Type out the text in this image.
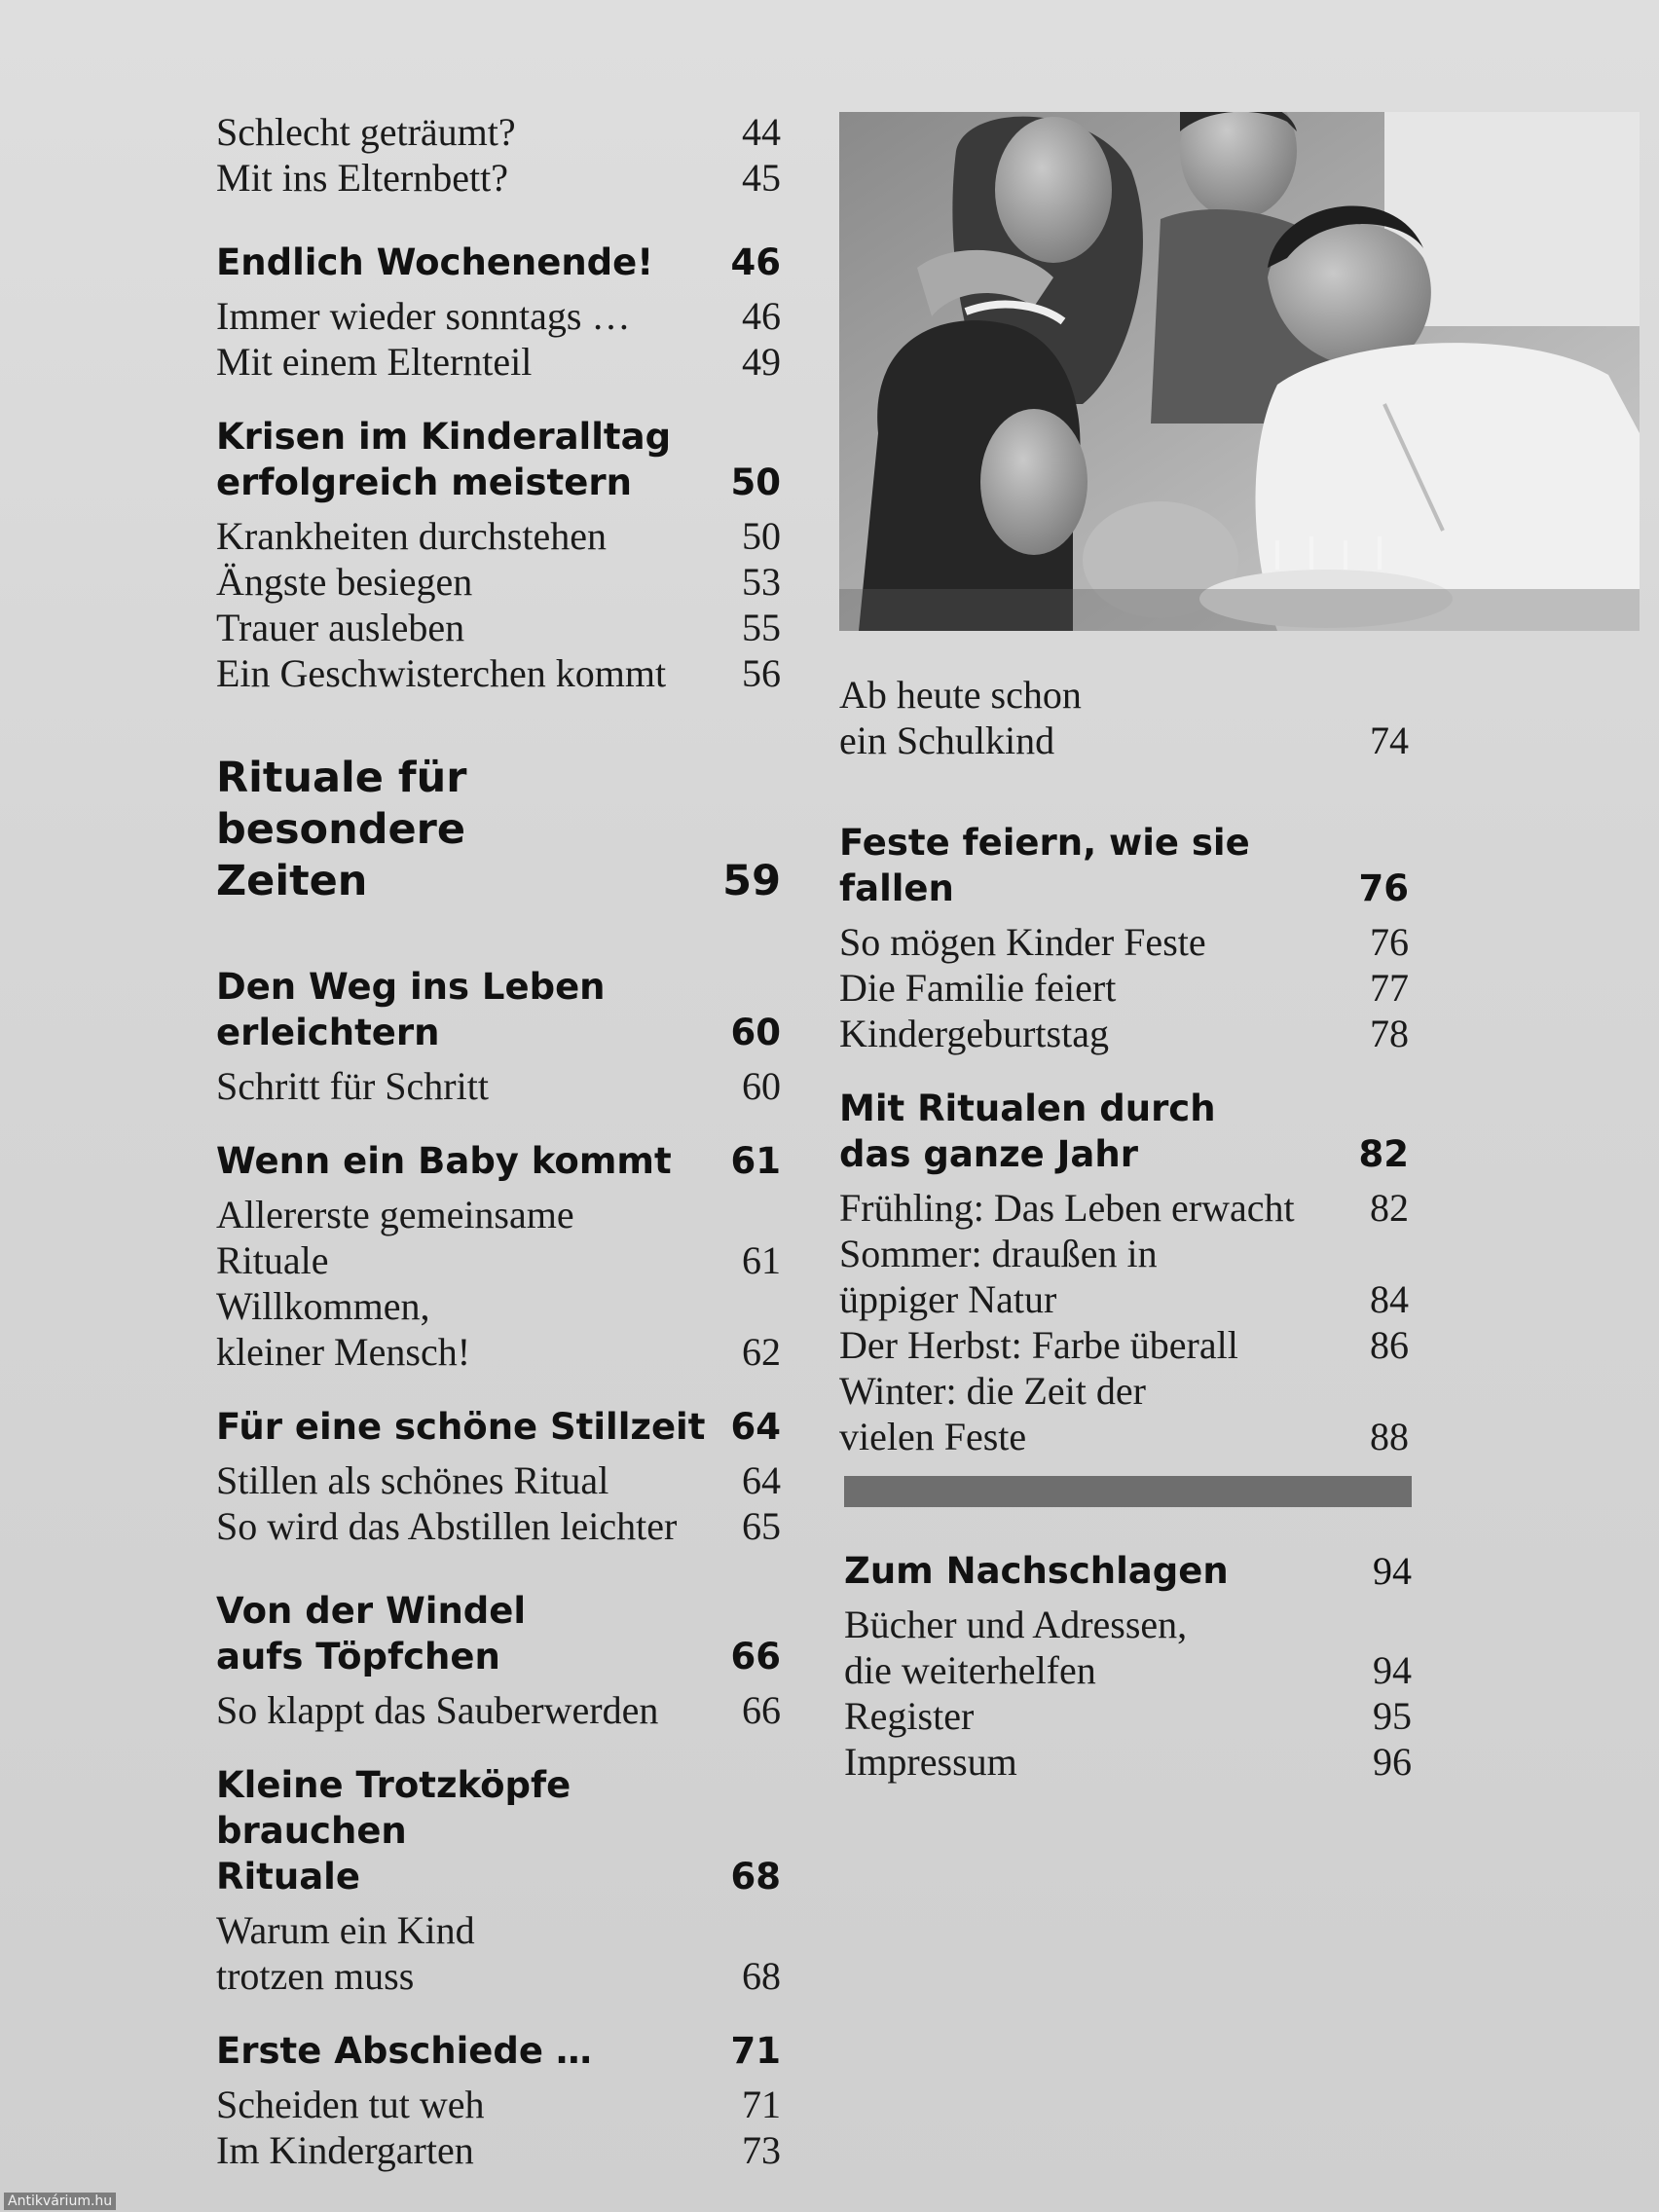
Schlecht geträumt?	44
Mit ins Elternbett?	45
Endlich Wochenende! 46
Immer wieder sonntags …	46
Mit einem Elternteil	49
Krisen im Kinderalltag
erfolgreich meistern	50
Krankheiten durchstehen	50
Ängste besiegen	53
Trauer ausleben	55
Ein Geschwisterchen kommt	56
Rituale für besondere
Zeiten	59
Den Weg ins Leben
erleichtern	60
Schritt für Schritt	60
Wenn ein Baby kommt 61
Allererste gemeinsame
Rituale	61
Willkommen,
kleiner Mensch!	62
Für eine schöne Stillzeit 64
Stillen als schönes Ritual	64
So wird das Abstillen leichter	65
Von der Windel
aufs Töpfchen	66
So klappt das Sauberwerden	66
Kleine Trotzköpfe brauchen
Rituale	68
Warum ein Kind
trotzen muss	68
Erste Abschiede …	71
Scheiden tut weh	71
Im Kindergarten	73
Ab heute schon
ein Schulkind	74
Feste feiern, wie sie fallen	76
So mögen Kinder Feste	76
Die Familie feiert	77
Kindergeburtstag	78
Mit Ritualen durch
das ganze Jahr	82
Frühling: Das Leben erwacht	82
Sommer: draußen in
üppiger Natur	84
Der Herbst: Farbe überall	86
Winter: die Zeit der
vielen Feste	88
Zum Nachschlagen	94
Bücher und Adressen,
die weiterhelfen	94
Register	95
Impressum	96
Antikvárium.hu
